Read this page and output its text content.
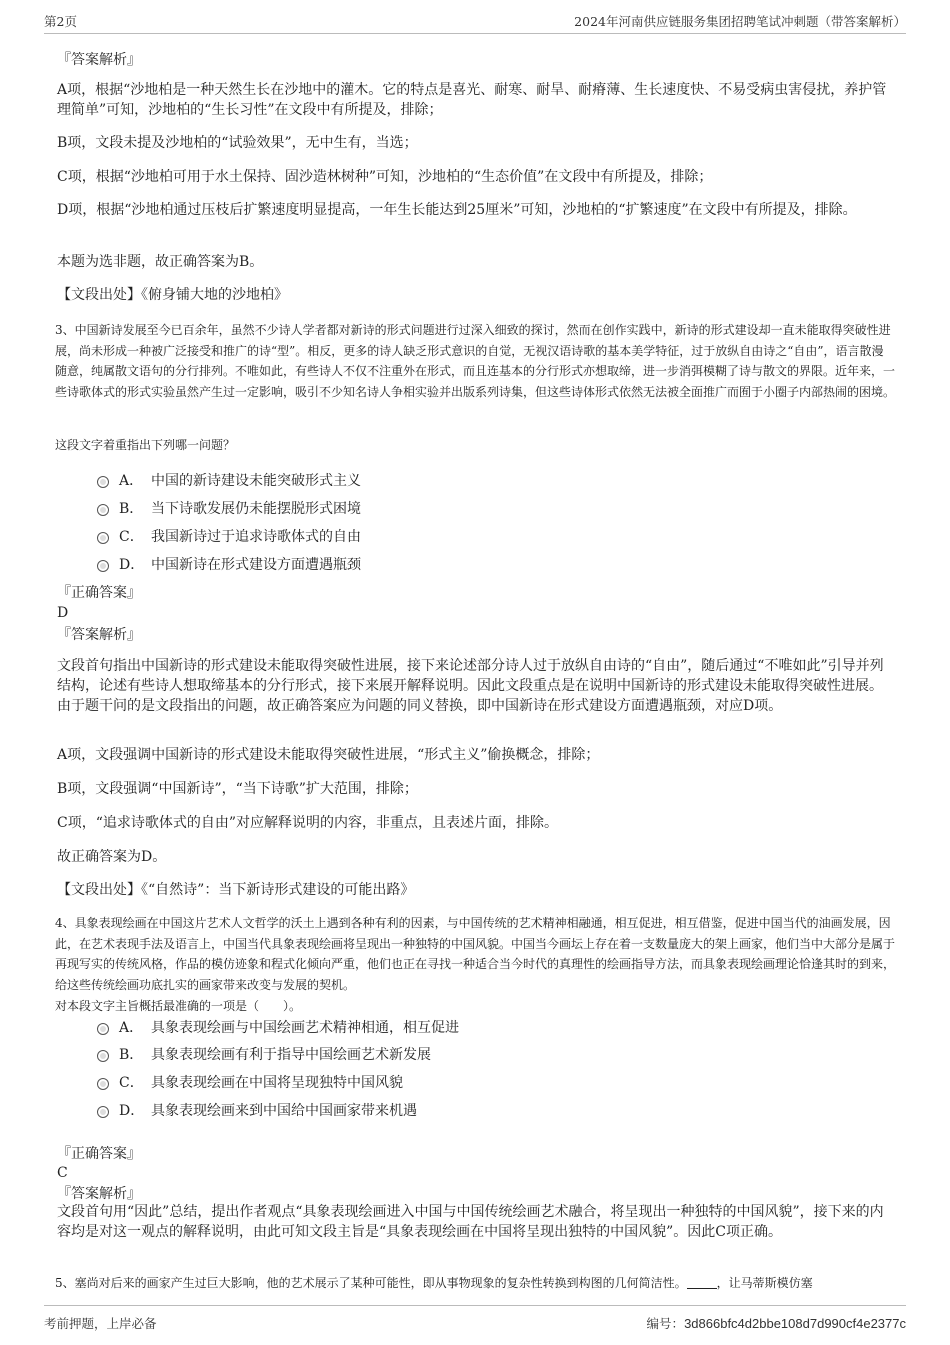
第2页	2024年河南供应链服务集团招聘笔试冲刺题（带答案解析）
『答案解析』
A项，根据“沙地柏是一种天然生长在沙地中的灌木。它的特点是喜光、耐寒、耐旱、耐瘠薄、生长速度快、不易受病虫害侵扰，养护管理简单”可知，沙地柏的“生长习性”在文段中有所提及，排除；
B项，文段未提及沙地柏的“试验效果”，无中生有，当选；
C项，根据“沙地柏可用于水土保持、固沙造林树种”可知，沙地柏的“生态价值”在文段中有所提及，排除；
D项，根据“沙地柏通过压枝后扩繁速度明显提高，一年生长能达到25厘米”可知，沙地柏的“扩繁速度”在文段中有所提及，排除。
本题为选非题，故正确答案为B。
【文段出处】《俯身铺大地的沙地柏》
3、中国新诗发展至今已百余年，虽然不少诗人学者都对新诗的形式问题进行过深入细致的探讨，然而在创作实践中，新诗的形式建设却一直未能取得突破性进展，尚未形成一种被广泛接受和推广的诗“型”。相反，更多的诗人缺乏形式意识的自觉，无视汉语诗歌的基本美学特征，过于放纵自由诗之“自由”，语言散漫随意，纯属散文语句的分行排列。不唯如此，有些诗人不仅不注重外在形式，而且连基本的分行形式亦想取缔，进一步消弭模糊了诗与散文的界限。近年来，一些诗歌体式的形式实验虽然产生过一定影响，吸引不少知名诗人争相实验并出版系列诗集，但这些诗体形式依然无法被全面推广而囿于小圈子内部热闹的困境。
这段文字着重指出下列哪一问题？
A． 中国的新诗建设未能突破形式主义
B． 当下诗歌发展仍未能摆脱形式困境
C． 我国新诗过于追求诗歌体式的自由
D． 中国新诗在形式建设方面遭遇瓶颈
『正确答案』
D
『答案解析』
文段首句指出中国新诗的形式建设未能取得突破性进展，接下来论述部分诗人过于放纵自由诗的“自由”，随后通过“不唯如此”引导并列结构，论述有些诗人想取缔基本的分行形式，接下来展开解释说明。因此文段重点是在说明中国新诗的形式建设未能取得突破性进展。由于题干问的是文段指出的问题，故正确答案应为问题的同义替换，即中国新诗在形式建设方面遭遇瓶颈，对应D项。
A项，文段强调中国新诗的形式建设未能取得突破性进展，“形式主义”偷换概念，排除；
B项，文段强调“中国新诗”，“当下诗歌”扩大范围，排除；
C项，“追求诗歌体式的自由”对应解释说明的内容，非重点，且表述片面，排除。
故正确答案为D。
【文段出处】《“自然诗”：当下新诗形式建设的可能出路》
4、具象表现绘画在中国这片艺术人文哲学的沃土上遇到各种有利的因素，与中国传统的艺术精神相融通，相互促进，相互借鉴，促进中国当代的油画发展，因此，在艺术表现手法及语言上，中国当代具象表现绘画将呈现出一种独特的中国风貌。中国当今画坛上存在着一支数量庞大的架上画家，他们当中大部分是属于再现写实的传统风格，作品的模仿迹象和程式化倾向严重，他们也正在寻找一种适合当今时代的真理性的绘画指导方法，而具象表现绘画理论恰逢其时的到来，给这些传统绘画功底扎实的画家带来改变与发展的契机。
对本段文字主旨概括最准确的一项是（　　）。
A． 具象表现绘画与中国绘画艺术精神相通，相互促进
B． 具象表现绘画有利于指导中国绘画艺术新发展
C． 具象表现绘画在中国将呈现独特中国风貌
D． 具象表现绘画来到中国给中国画家带来机遇
『正确答案』
C
『答案解析』
文段首句用“因此”总结，提出作者观点“具象表现绘画进入中国与中国传统绘画艺术融合，将呈现出一种独特的中国风貌”，接下来的内容均是对这一观点的解释说明，由此可知文段主旨是“具象表现绘画在中国将呈现出独特的中国风貌”。因此C项正确。
5、塞尚对后来的画家产生过巨大影响，他的艺术展示了某种可能性，即从事物现象的复杂性转换到构图的几何简洁性。	，让马蒂斯模仿塞
考前押题，上岸必备	编号：3d866bfc4d2bbe108d7d990cf4e2377c
